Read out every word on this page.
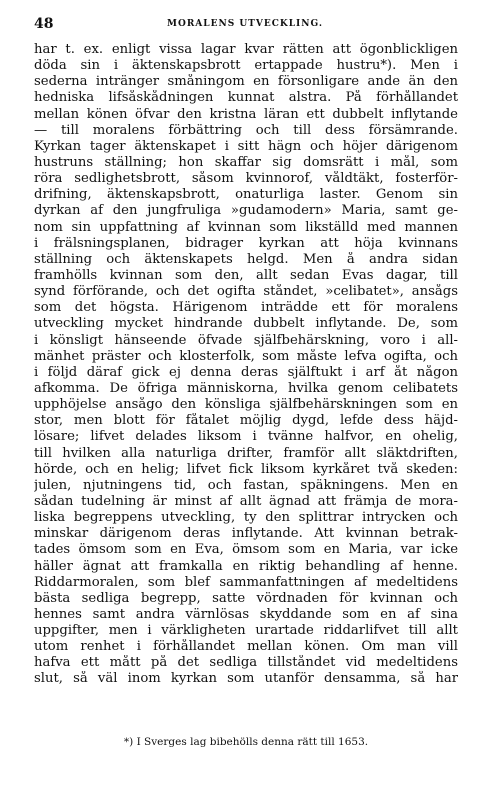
48	MORALENS UTVECKLING.
har t. ex. enligt vissa lagar kvar rätten att ögonblickligen
döda sin i äktenskapsbrott ertappade hustru*). Men i
sederna intränger småningom en försonligare ande än den
hedniska lifsåskådningen kunnat alstra. På förhållandet
mellan könen öfvar den kristna läran ett dubbelt inflytande
— till moralens förbättring och till dess försämrande.
Kyrkan tager äktenskapet i sitt hägn och höjer därigenom
hustruns ställning; hon skaffar sig domsrätt i mål, som
röra sedlighetsbrott, såsom kvinnorof, våldtäkt, fosterför-
drifning, äktenskapsbrott, onaturliga laster. Genom sin
dyrkan af den jungfruliga »gudamodern» Maria, samt ge-
nom sin uppfattning af kvinnan som likställd med mannen
i frälsningsplanen, bidrager kyrkan att höja kvinnans
ställning och äktenskapets helgd. Men å andra sidan
framhölls kvinnan som den, allt sedan Evas dagar, till
synd förförande, och det ogifta ståndet, »celibatet», ansågs
som det högsta. Härigenom inträdde ett för moralens
utveckling mycket hindrande dubbelt inflytande. De, som
i könsligt hänseende öfvade själfbehärskning, voro i all-
mänhet präster och klosterfolk, som måste lefva ogifta, och
i följd däraf gick ej denna deras själftukt i arf åt någon
afkomma. De öfriga människorna, hvilka genom celibatets
upphöjelse ansågo den könsliga själfbehärskningen som en
stor, men blott för fåtalet möjlig dygd, lefde dess häjd-
lösare; lifvet delades liksom i tvänne halfvor, en ohelig,
till hvilken alla naturliga drifter, framför allt släktdriften,
hörde, och en helig; lifvet fick liksom kyrkåret två skeden:
julen, njutningens tid, och fastan, späkningens. Men en
sådan tudelning är minst af allt ägnad att främja de mora-
liska begreppens utveckling, ty den splittrar intrycken och
minskar därigenom deras inflytande. Att kvinnan betrak-
tades ömsom som en Eva, ömsom som en Maria, var icke
häller ägnat att framkalla en riktig behandling af henne.
Riddarmoralen, som blef sammanfattningen af medeltidens
bästa sedliga begrepp, satte vördnaden för kvinnan och
hennes samt andra värnlösas skyddande som en af sina
uppgifter, men i värkligheten urartade riddarlifvet till allt
utom renhet i förhållandet mellan könen. Om man vill
hafva ett mått på det sedliga tillståndet vid medeltidens
slut, så väl inom kyrkan som utanför densamma, så har
*) I Sverges lag bibehölls denna rätt till 1653.
